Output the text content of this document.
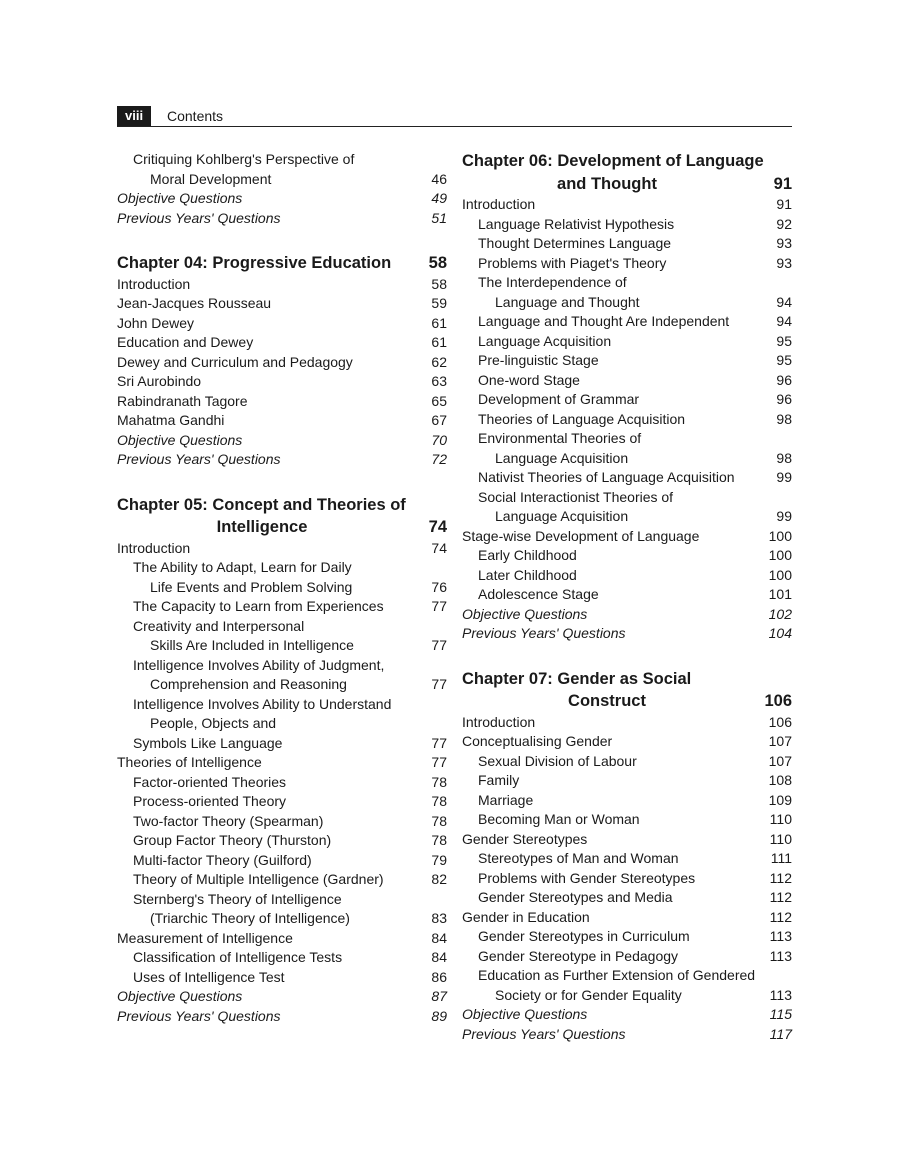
viii	Contents
Critiquing Kohlberg's Perspective of
Moral Development	46
Objective Questions	49
Previous Years' Questions	51
Chapter 04: Progressive Education	58
Introduction	58
Jean-Jacques Rousseau	59
John Dewey	61
Education and Dewey	61
Dewey and Curriculum and Pedagogy	62
Sri Aurobindo	63
Rabindranath Tagore	65
Mahatma Gandhi	67
Objective Questions	70
Previous Years' Questions	72
Chapter 05: Concept and Theories of
Intelligence	74
Introduction	74
The Ability to Adapt, Learn for Daily
Life Events and Problem Solving	76
The Capacity to Learn from Experiences	77
Creativity and Interpersonal
Skills Are Included in Intelligence	77
Intelligence Involves Ability of Judgment,
Comprehension and Reasoning	77
Intelligence Involves Ability to Understand
People, Objects and
Symbols Like Language	77
Theories of Intelligence	77
Factor-oriented Theories	78
Process-oriented Theory	78
Two-factor Theory (Spearman)	78
Group Factor Theory (Thurston)	78
Multi-factor Theory (Guilford)	79
Theory of Multiple Intelligence (Gardner)	82
Sternberg's Theory of Intelligence
(Triarchic Theory of Intelligence)	83
Measurement of Intelligence	84
Classification of Intelligence Tests	84
Uses of Intelligence Test	86
Objective Questions	87
Previous Years' Questions	89
Chapter 06: Development of Language
and Thought	91
Introduction	91
Language Relativist Hypothesis	92
Thought Determines Language	93
Problems with Piaget's Theory	93
The Interdependence of
Language and Thought	94
Language and Thought Are Independent	94
Language Acquisition	95
Pre-linguistic Stage	95
One-word Stage	96
Development of Grammar	96
Theories of Language Acquisition	98
Environmental Theories of
Language Acquisition	98
Nativist Theories of Language Acquisition	99
Social Interactionist Theories of
Language Acquisition	99
Stage-wise Development of Language	100
Early Childhood	100
Later Childhood	100
Adolescence Stage	101
Objective Questions	102
Previous Years' Questions	104
Chapter 07: Gender as Social
Construct	106
Introduction	106
Conceptualising Gender	107
Sexual Division of Labour	107
Family	108
Marriage	109
Becoming Man or Woman	110
Gender Stereotypes	110
Stereotypes of Man and Woman	111
Problems with Gender Stereotypes	112
Gender Stereotypes and Media	112
Gender in Education	112
Gender Stereotypes in Curriculum	113
Gender Stereotype in Pedagogy	113
Education as Further Extension of Gendered
Society or for Gender Equality	113
Objective Questions	115
Previous Years' Questions	117
